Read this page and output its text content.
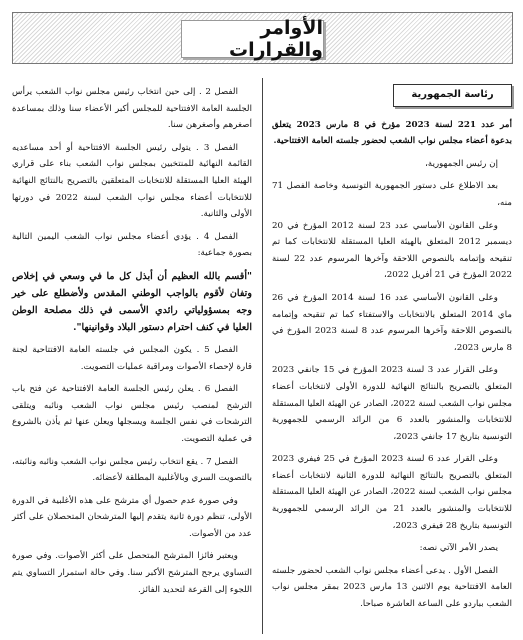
الأوامر والقرارات
رئاسة الجمهورية

أمر عدد 221 لسنة 2023 مؤرخ في 8 مارس 2023 يتعلق بدعوة أعضاء مجلس نواب الشعب لحضور جلسته العامة الافتتاحية.

إن رئيس الجمهورية،

بعد الاطلاع على دستور الجمهورية التونسية وخاصة الفصل 71 منه،

وعلى القانون الأساسي عدد 23 لسنة 2012 المؤرخ في 20 ديسمبر 2012 المتعلق بالهيئة العليا المستقلة للانتخابات كما تم تنقيحه وإتمامه بالنصوص اللاحقة وآخرها المرسوم عدد 22 لسنة 2022 المؤرخ في 21 أفريل 2022،

وعلى القانون الأساسي عدد 16 لسنة 2014 المؤرخ في 26 ماي 2014 المتعلق بالانتخابات والاستفتاء كما تم تنقيحه وإتمامه بالنصوص اللاحقة وآخرها المرسوم عدد 8 لسنة 2023 المؤرخ في 8 مارس 2023،

وعلى القرار عدد 3 لسنة 2023 المؤرخ في 15 جانفي 2023 المتعلق بالتصريح بالنتائج النهائية للدورة الأولى لانتخابات أعضاء مجلس نواب الشعب لسنة 2022، الصادر عن الهيئة العليا المستقلة للانتخابات والمنشور بالعدد 6 من الرائد الرسمي للجمهورية التونسية بتاريخ 17 جانفي 2023،

وعلى القرار عدد 6 لسنة 2023 المؤرخ في 25 فيفري 2023 المتعلق بالتصريح بالنتائج النهائية للدورة الثانية لانتخابات أعضاء مجلس نواب الشعب لسنة 2022، الصادر عن الهيئة العليا المستقلة للانتخابات والمنشور بالعدد 21 من الرائد الرسمي للجمهورية التونسية بتاريخ 28 فيفري 2023،

يصدر الأمر الآتي نصه:

الفصل الأول . يدعى أعضاء مجلس نواب الشعب لحضور جلسته العامة الافتتاحية يوم الاثنين 13 مارس 2023 بمقر مجلس نواب الشعب بباردو على الساعة العاشرة صباحا.

الفصل 2 . إلى حين انتخاب رئيس مجلس نواب الشعب يرأس الجلسة العامة الافتتاحية للمجلس أكبر الأعضاء سنا وذلك بمساعدة أصغرهم وأصغرهن سنا.

الفصل 3 . يتولى رئيس الجلسة الافتتاحية أو أحد مساعديه القائمة النهائية للمنتخبين بمجلس نواب الشعب بناء على قراري الهيئة العليا المستقلة للانتخابات المتعلقين بالتصريح بالنتائج النهائية للانتخابات أعضاء مجلس نواب الشعب لسنة 2022 في دورتها الأولى والثانية.

الفصل 4 . يؤدي أعضاء مجلس نواب الشعب اليمين التالية بصورة جماعية:

"أقسم بالله العظيم أن أبذل كل ما في وسعي في إخلاص وتفان لأقوم بالواجب الوطني المقدس ولأضطلع على خير وجه بمسؤولياتي رائدي الأسمى في ذلك مصلحة الوطن العليا في كنف احترام دستور البلاد وقوانينها".

الفصل 5 . يكون المجلس في جلسته العامة الافتتاحية لجنة قارة لإحصاء الأصوات ومراقبة عمليات التصويت.

الفصل 6 . يعلن رئيس الجلسة العامة الافتتاحية عن فتح باب الترشح لمنصب رئيس مجلس نواب الشعب ونائبه ويتلقى الترشحات في نفس الجلسة ويسجلها ويعلن عنها ثم يأذن بالشروع في عملية التصويت.

الفصل 7 . يقع انتخاب رئيس مجلس نواب الشعب ونائبه ونائبته، بالتصويت السري وبالأغلبية المطلقة لأعضائه.

وفي صورة عدم حصول أي مترشح على هذه الأغلبية في الدورة الأولى، تنظم دورة ثانية يتقدم إليها المترشحان المتحصلان على أكثر عدد من الأصوات.

ويعتبر فائزا المترشح المتحصل على أكثر الأصوات. وفي صورة التساوي يرجح المترشح الأكبر سنا. وفي حالة استمرار التساوي يتم اللجوء إلى القرعة لتحديد الفائز.
